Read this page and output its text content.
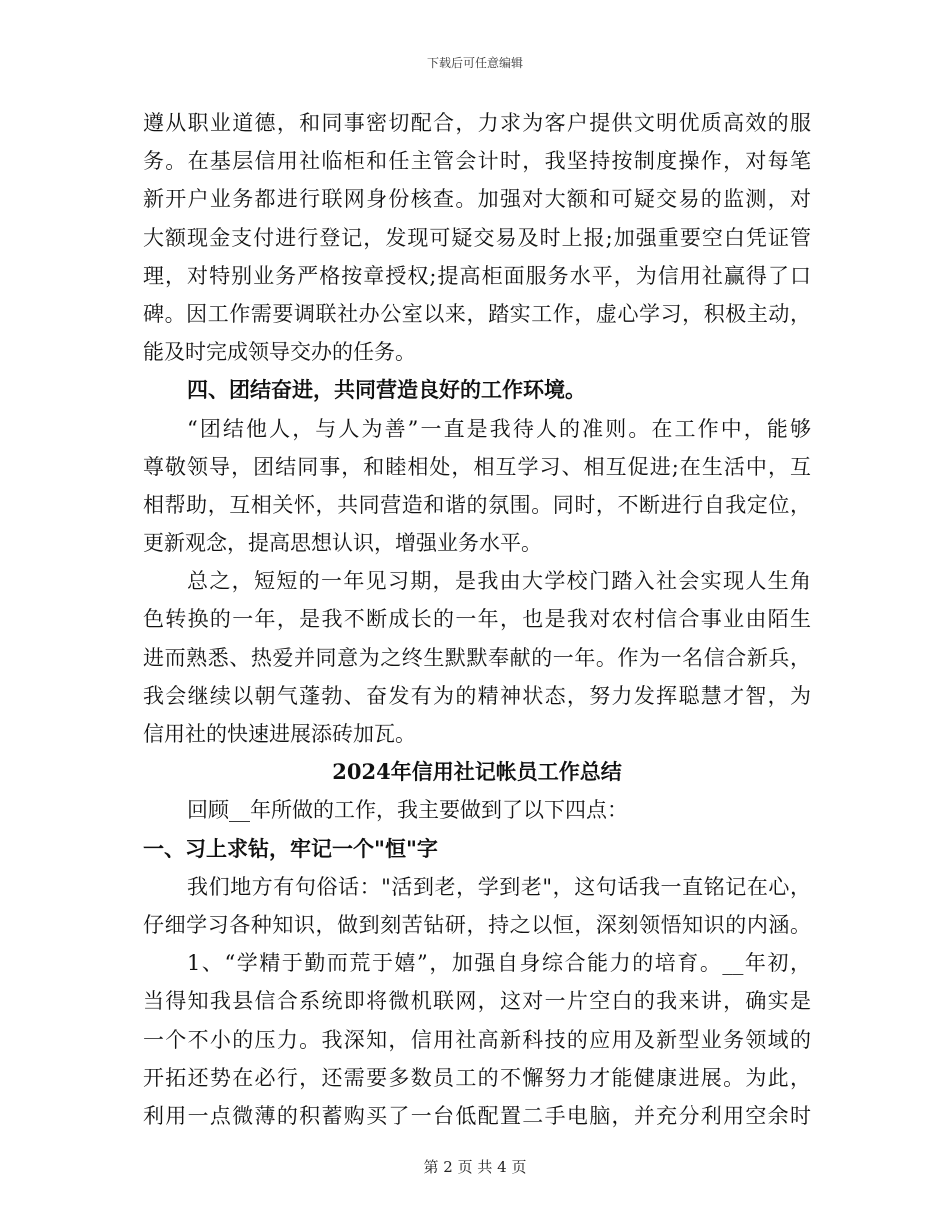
下载后可任意编辑
遵从职业道德，和同事密切配合，力求为客户提供文明优质高效的服
务。在基层信用社临柜和任主管会计时，我坚持按制度操作，对每笔
新开户业务都进行联网身份核查。加强对大额和可疑交易的监测，对
大额现金支付进行登记，发现可疑交易及时上报;加强重要空白凭证管
理，对特别业务严格按章授权;提高柜面服务水平，为信用社赢得了口
碑。因工作需要调联社办公室以来，踏实工作，虚心学习，积极主动，
能及时完成领导交办的任务。
四、团结奋进，共同营造良好的工作环境。
“团结他人，与人为善”一直是我待人的准则。在工作中，能够
尊敬领导，团结同事，和睦相处，相互学习、相互促进;在生活中，互
相帮助，互相关怀，共同营造和谐的氛围。同时，不断进行自我定位，
更新观念，提高思想认识，增强业务水平。
总之，短短的一年见习期，是我由大学校门踏入社会实现人生角
色转换的一年，是我不断成长的一年，也是我对农村信合事业由陌生
进而熟悉、热爱并同意为之终生默默奉献的一年。作为一名信合新兵，
我会继续以朝气蓬勃、奋发有为的精神状态，努力发挥聪慧才智，为
信用社的快速进展添砖加瓦。
2024年信用社记帐员工作总结
回顾__年所做的工作，我主要做到了以下四点：
一、习上求钻，牢记一个"恒"字
我们地方有句俗话："活到老，学到老"，这句话我一直铭记在心，
仔细学习各种知识，做到刻苦钻研，持之以恒，深刻领悟知识的内涵。
1、“学精于勤而荒于嬉”，加强自身综合能力的培育。__年初，
当得知我县信合系统即将微机联网，这对一片空白的我来讲，确实是
一个不小的压力。我深知，信用社高新科技的应用及新型业务领域的
开拓还势在必行，还需要多数员工的不懈努力才能健康进展。为此，
利用一点微薄的积蓄购买了一台低配置二手电脑，并充分利用空余时
第 2 页 共 4 页
